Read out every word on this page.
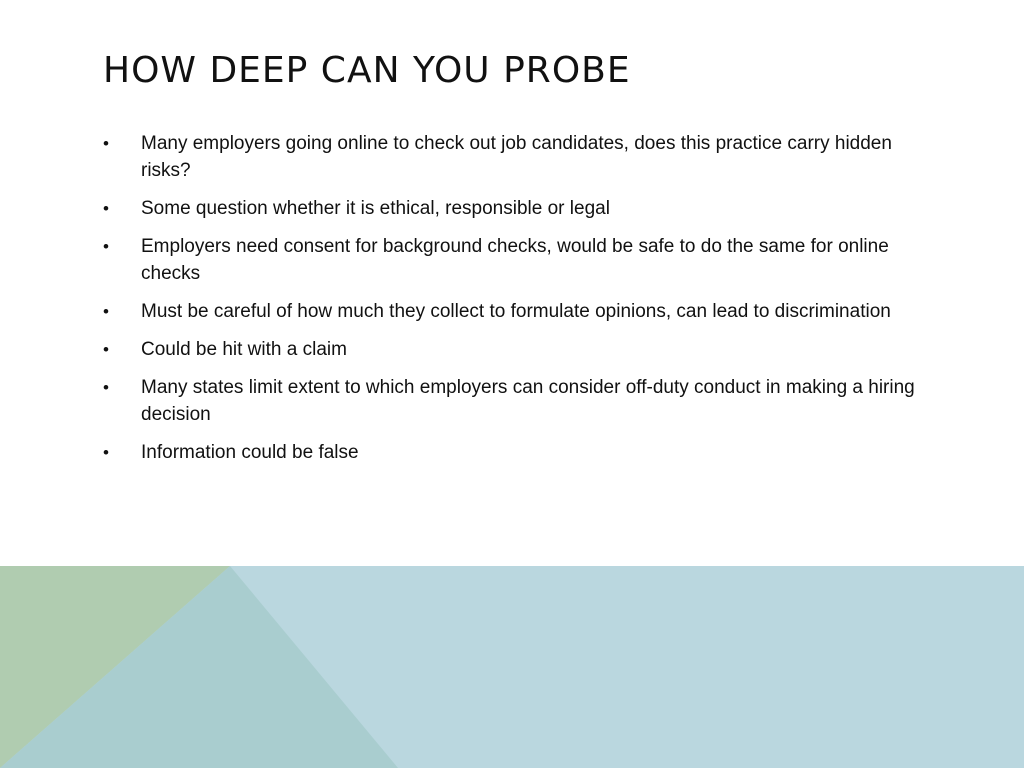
HOW DEEP CAN YOU PROBE
• Many employers going online to check out job candidates, does this practice carry hidden risks?
• Some question whether it is ethical, responsible or legal
• Employers need consent for background checks, would be safe to do the same for online checks
• Must be careful of how much they collect to formulate opinions, can lead to discrimination
• Could be hit with a claim
• Many states limit extent to which employers can consider off-duty conduct in making a hiring decision
• Information could be false
